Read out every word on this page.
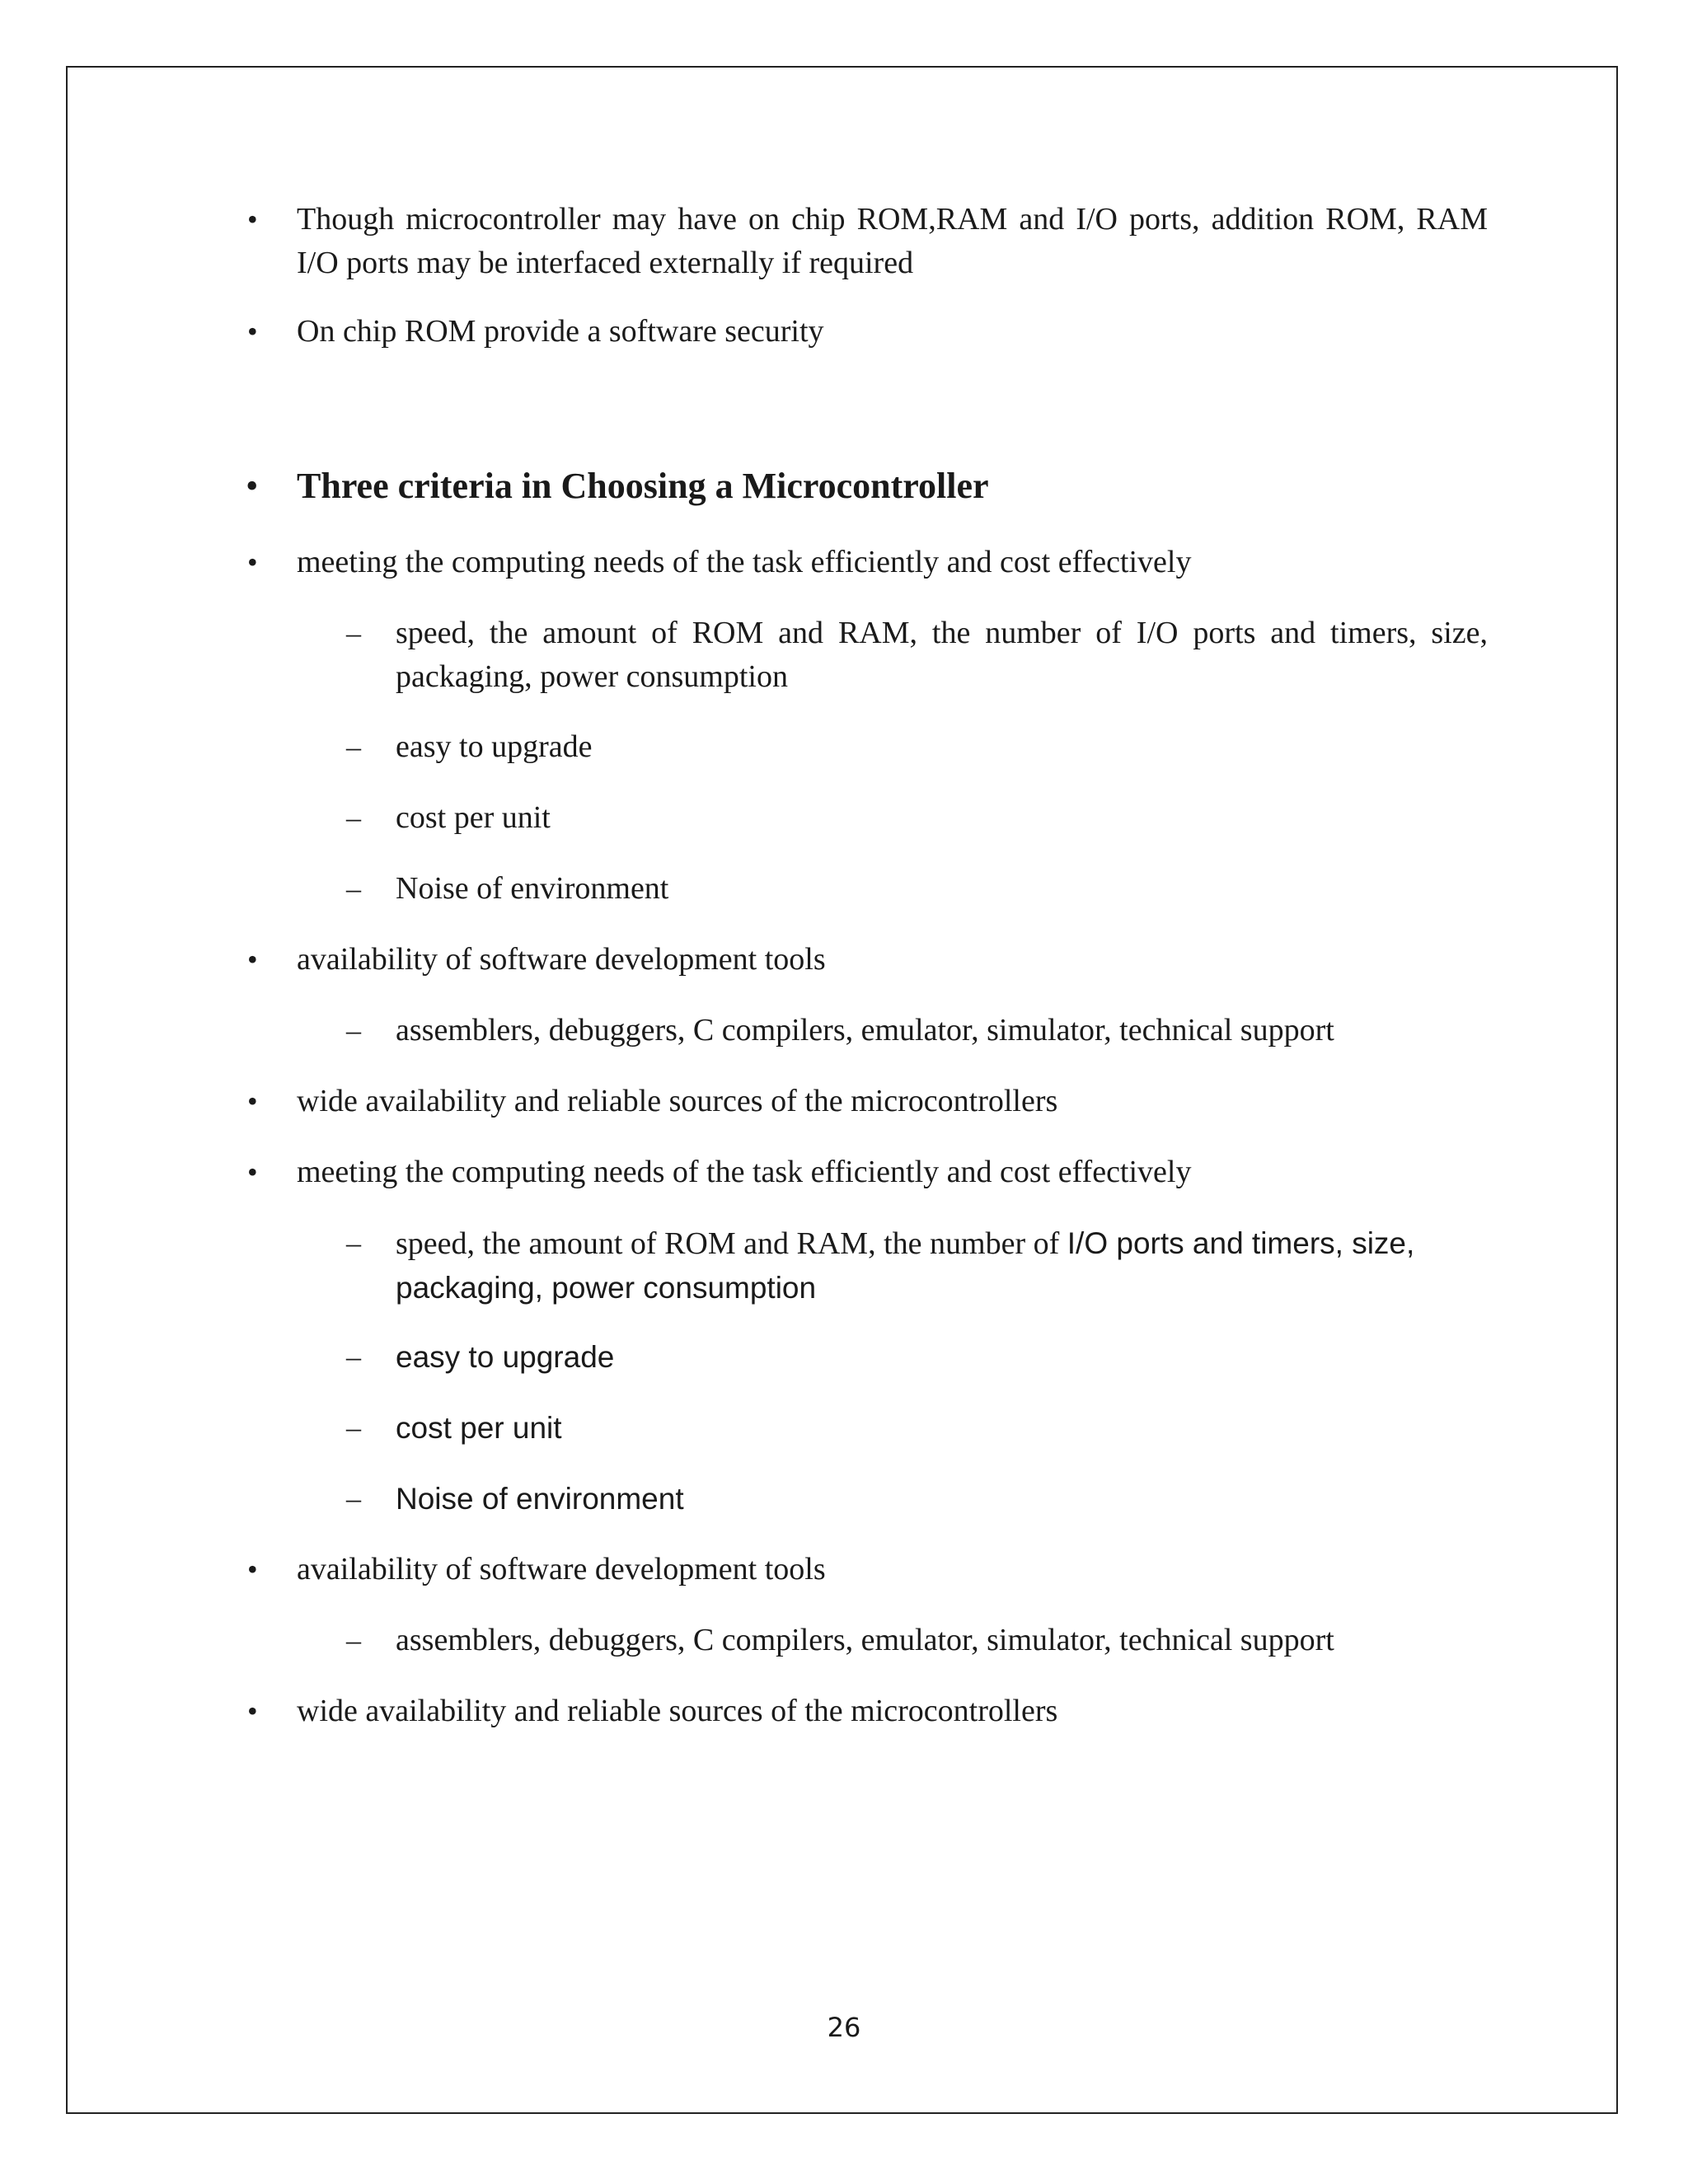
• Though microcontroller may have on chip ROM,RAM and I/O ports, addition ROM, RAM I/O ports may be interfaced externally if required
• On chip ROM provide a software security
• Three criteria in Choosing a Microcontroller
• meeting the computing needs of the task efficiently and cost effectively
– speed, the amount of ROM and RAM, the number of I/O ports and timers, size, packaging, power consumption
– easy to upgrade
– cost per unit
– Noise of environment
• availability of software development tools
– assemblers, debuggers, C compilers, emulator, simulator, technical support
• wide availability and reliable sources of the microcontrollers
• meeting the computing needs of the task efficiently and cost effectively
– speed, the amount of ROM and RAM, the number of I/O ports and timers, size,
packaging, power consumption
– easy to upgrade
– cost per unit
– Noise of environment
• availability of software development tools
– assemblers, debuggers, C compilers, emulator, simulator, technical support
• wide availability and reliable sources of the microcontrollers
26
